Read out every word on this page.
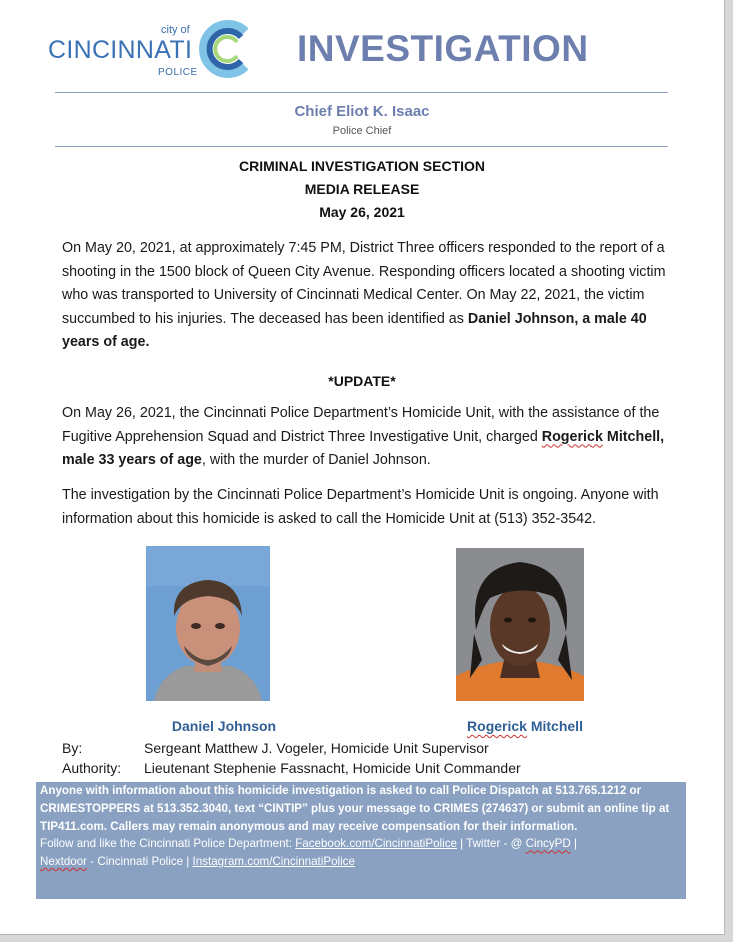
city of
CINCINNATI
POLICE
INVESTIGATION
Chief Eliot K. Isaac
Police Chief
CRIMINAL INVESTIGATION SECTION
MEDIA RELEASE
May 26, 2021
On May 20, 2021, at approximately 7:45 PM, District Three officers responded to the report of a shooting in the 1500 block of Queen City Avenue. Responding officers located a shooting victim who was transported to University of Cincinnati Medical Center. On May 22, 2021, the victim succumbed to his injuries. The deceased has been identified as Daniel Johnson, a male 40 years of age.
*UPDATE*
On May 26, 2021, the Cincinnati Police Department’s Homicide Unit, with the assistance of the Fugitive Apprehension Squad and District Three Investigative Unit, charged Rogerick Mitchell, male 33 years of age, with the murder of Daniel Johnson.
The investigation by the Cincinnati Police Department’s Homicide Unit is ongoing. Anyone with information about this homicide is asked to call the Homicide Unit at (513) 352-3542.
Daniel Johnson	Rogerick Mitchell
By:	Sergeant Matthew J. Vogeler, Homicide Unit Supervisor
Authority: Lieutenant Stephenie Fassnacht, Homicide Unit Commander
Anyone with information about this homicide investigation is asked to call Police Dispatch at 513.765.1212 or CRIMESTOPPERS at 513.352.3040, text “CINTIP” plus your message to CRIMES (274637) or submit an online tip at TIP411.com. Callers may remain anonymous and may receive compensation for their information.
Follow and like the Cincinnati Police Department: Facebook.com/CincinnatiPolice | Twitter - @ CincyPD |
Nextdoor - Cincinnati Police | Instagram.com/CincinnatiPolice
